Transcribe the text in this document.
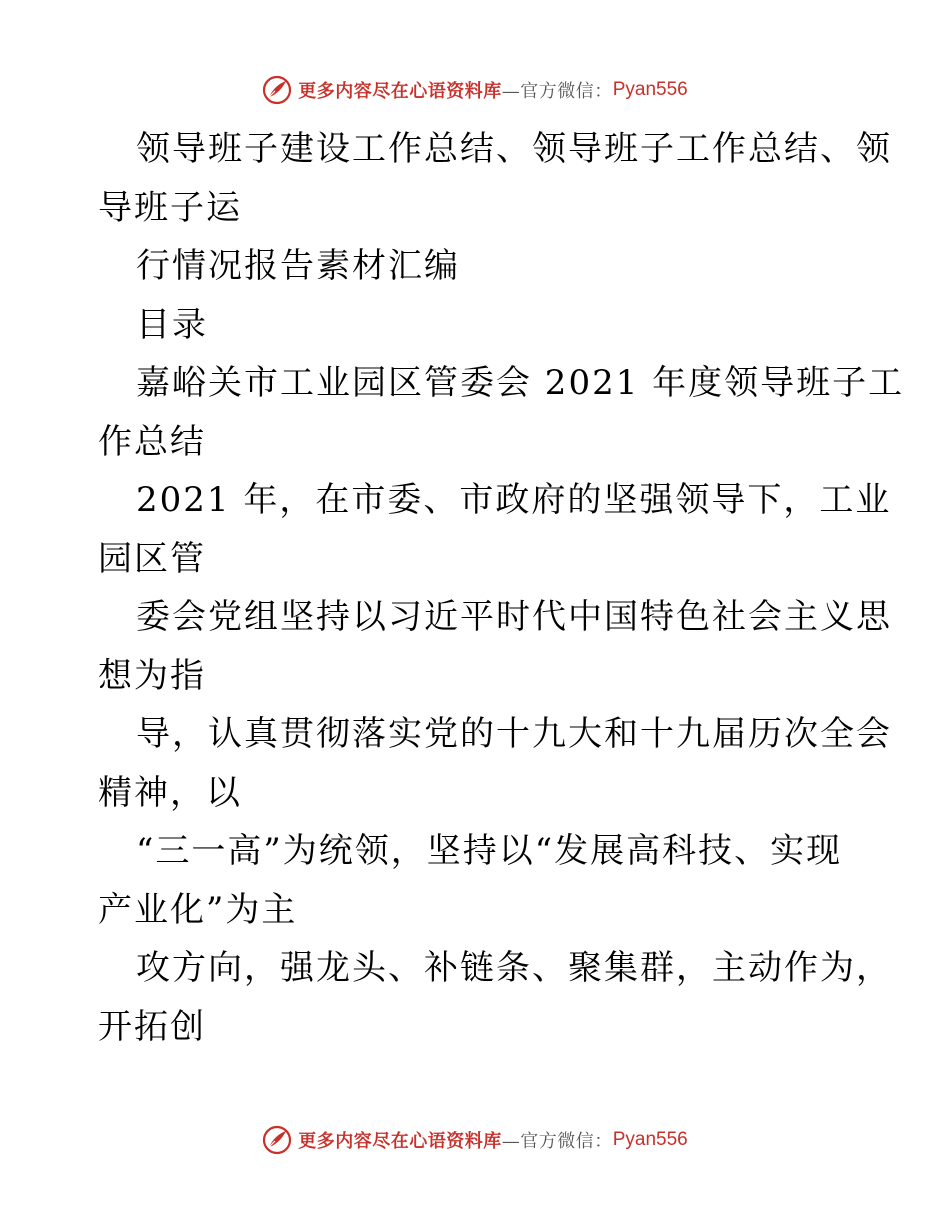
更多内容尽在心语资料库 —官方微信： Pyan556

领导班子建设工作总结、领导班子工作总结、领
导班子运

行情况报告素材汇编

目录

嘉峪关市工业园区管委会 2021 年度领导班子工
作总结

2021 年，在市委、市政府的坚强领导下，工业
园区管

委会党组坚持以习近平时代中国特色社会主义思
想为指

导，认真贯彻落实党的十九大和十九届历次全会
精神，以

“三一高”为统领，坚持以“发展高科技、实现
产业化”为主

攻方向，强龙头、补链条、聚集群，主动作为，
开拓创

更多内容尽在心语资料库 —官方微信： Pyan556
